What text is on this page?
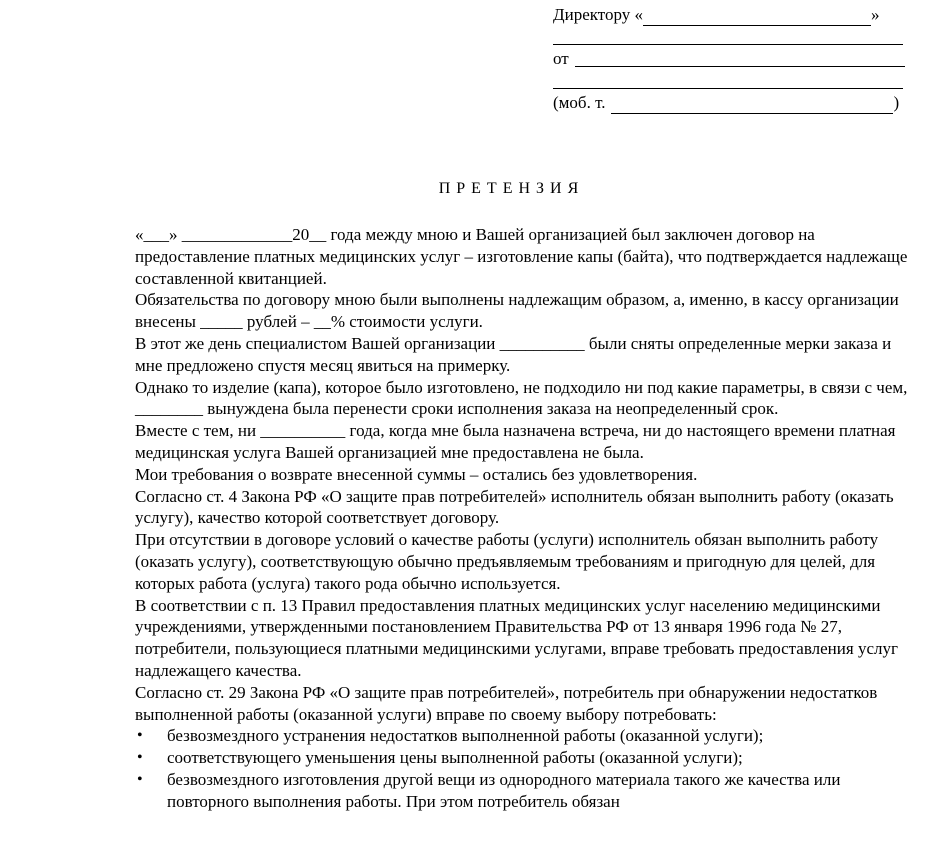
Директору «	»
от
(моб. т.	)
ПРЕТЕНЗИЯ

«___» _____________20__ года между мною и Вашей организацией был заключен договор на предоставление платных медицинских услуг – изготовление капы (байта), что подтверждается надлежаще составленной квитанцией.

Обязательства по договору мною были выполнены надлежащим образом, а, именно, в кассу организации внесены _____ рублей – __% стоимости услуги.

В этот же день специалистом Вашей организации __________ были сняты определенные мерки заказа и мне предложено спустя месяц явиться на примерку.

Однако то изделие (капа), которое было изготовлено, не подходило ни под какие параметры, в связи с чем, ________ вынуждена была перенести сроки исполнения заказа на неопределенный срок.

Вместе с тем, ни __________ года, когда мне была назначена встреча, ни до настоящего времени платная медицинская услуга Вашей организацией мне предоставлена не была.

Мои требования о возврате внесенной суммы – остались без удовлетворения.

Согласно ст. 4 Закона РФ «О защите прав потребителей» исполнитель обязан выполнить работу (оказать услугу), качество которой соответствует договору.

При отсутствии в договоре условий о качестве работы (услуги) исполнитель обязан выполнить работу (оказать услугу), соответствующую обычно предъявляемым требованиям и пригодную для целей, для которых работа (услуга) такого рода обычно используется.

В соответствии с п. 13 Правил предоставления платных медицинских услуг населению медицинскими учреждениями, утвержденными постановлением Правительства РФ от 13 января 1996 года № 27, потребители, пользующиеся платными медицинскими услугами, вправе требовать предоставления услуг надлежащего качества.

Согласно ст. 29 Закона РФ «О защите прав потребителей», потребитель при обнаружении недостатков выполненной работы (оказанной услуги) вправе по своему выбору потребовать:

• безвозмездного устранения недостатков выполненной работы (оказанной услуги);
• соответствующего уменьшения цены выполненной работы (оказанной услуги);
• безвозмездного изготовления другой вещи из однородного материала такого же качества или повторного выполнения работы. При этом потребитель обязан
